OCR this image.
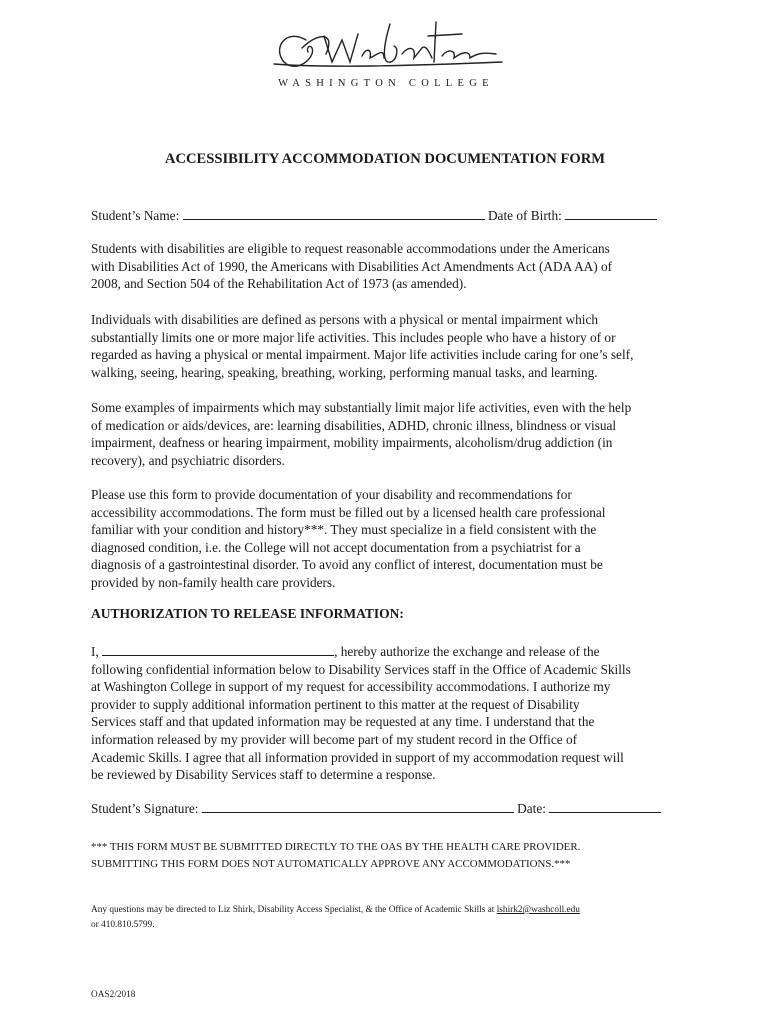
WASHINGTON COLLEGE
ACCESSIBILITY ACCOMMODATION DOCUMENTATION FORM
Student’s Name:	Date of Birth:
Students with disabilities are eligible to request reasonable accommodations under the Americans
with Disabilities Act of 1990, the Americans with Disabilities Act Amendments Act (ADA AA) of
2008, and Section 504 of the Rehabilitation Act of 1973 (as amended).
Individuals with disabilities are defined as persons with a physical or mental impairment which
substantially limits one or more major life activities. This includes people who have a history of or
regarded as having a physical or mental impairment. Major life activities include caring for one’s self,
walking, seeing, hearing, speaking, breathing, working, performing manual tasks, and learning.
Some examples of impairments which may substantially limit major life activities, even with the help
of medication or aids/devices, are: learning disabilities, ADHD, chronic illness, blindness or visual
impairment, deafness or hearing impairment, mobility impairments, alcoholism/drug addiction (in
recovery), and psychiatric disorders.
Please use this form to provide documentation of your disability and recommendations for
accessibility accommodations. The form must be filled out by a licensed health care professional
familiar with your condition and history***. They must specialize in a field consistent with the
diagnosed condition, i.e. the College will not accept documentation from a psychiatrist for a
diagnosis of a gastrointestinal disorder. To avoid any conflict of interest, documentation must be
provided by non-family health care providers.
AUTHORIZATION TO RELEASE INFORMATION:
I,	, hereby authorize the exchange and release of the
following confidential information below to Disability Services staff in the Office of Academic Skills
at Washington College in support of my request for accessibility accommodations. I authorize my
provider to supply additional information pertinent to this matter at the request of Disability
Services staff and that updated information may be requested at any time. I understand that the
information released by my provider will become part of my student record in the Office of
Academic Skills. I agree that all information provided in support of my accommodation request will
be reviewed by Disability Services staff to determine a response.
Student’s Signature:	Date:
*** THIS FORM MUST BE SUBMITTED DIRECTLY TO THE OAS BY THE HEALTH CARE PROVIDER.
SUBMITTING THIS FORM DOES NOT AUTOMATICALLY APPROVE ANY ACCOMMODATIONS.***
Any questions may be directed to Liz Shirk, Disability Access Specialist, & the Office of Academic Skills at lshirk2@washcoll.edu
or 410.810.5799.
OAS2/2018
